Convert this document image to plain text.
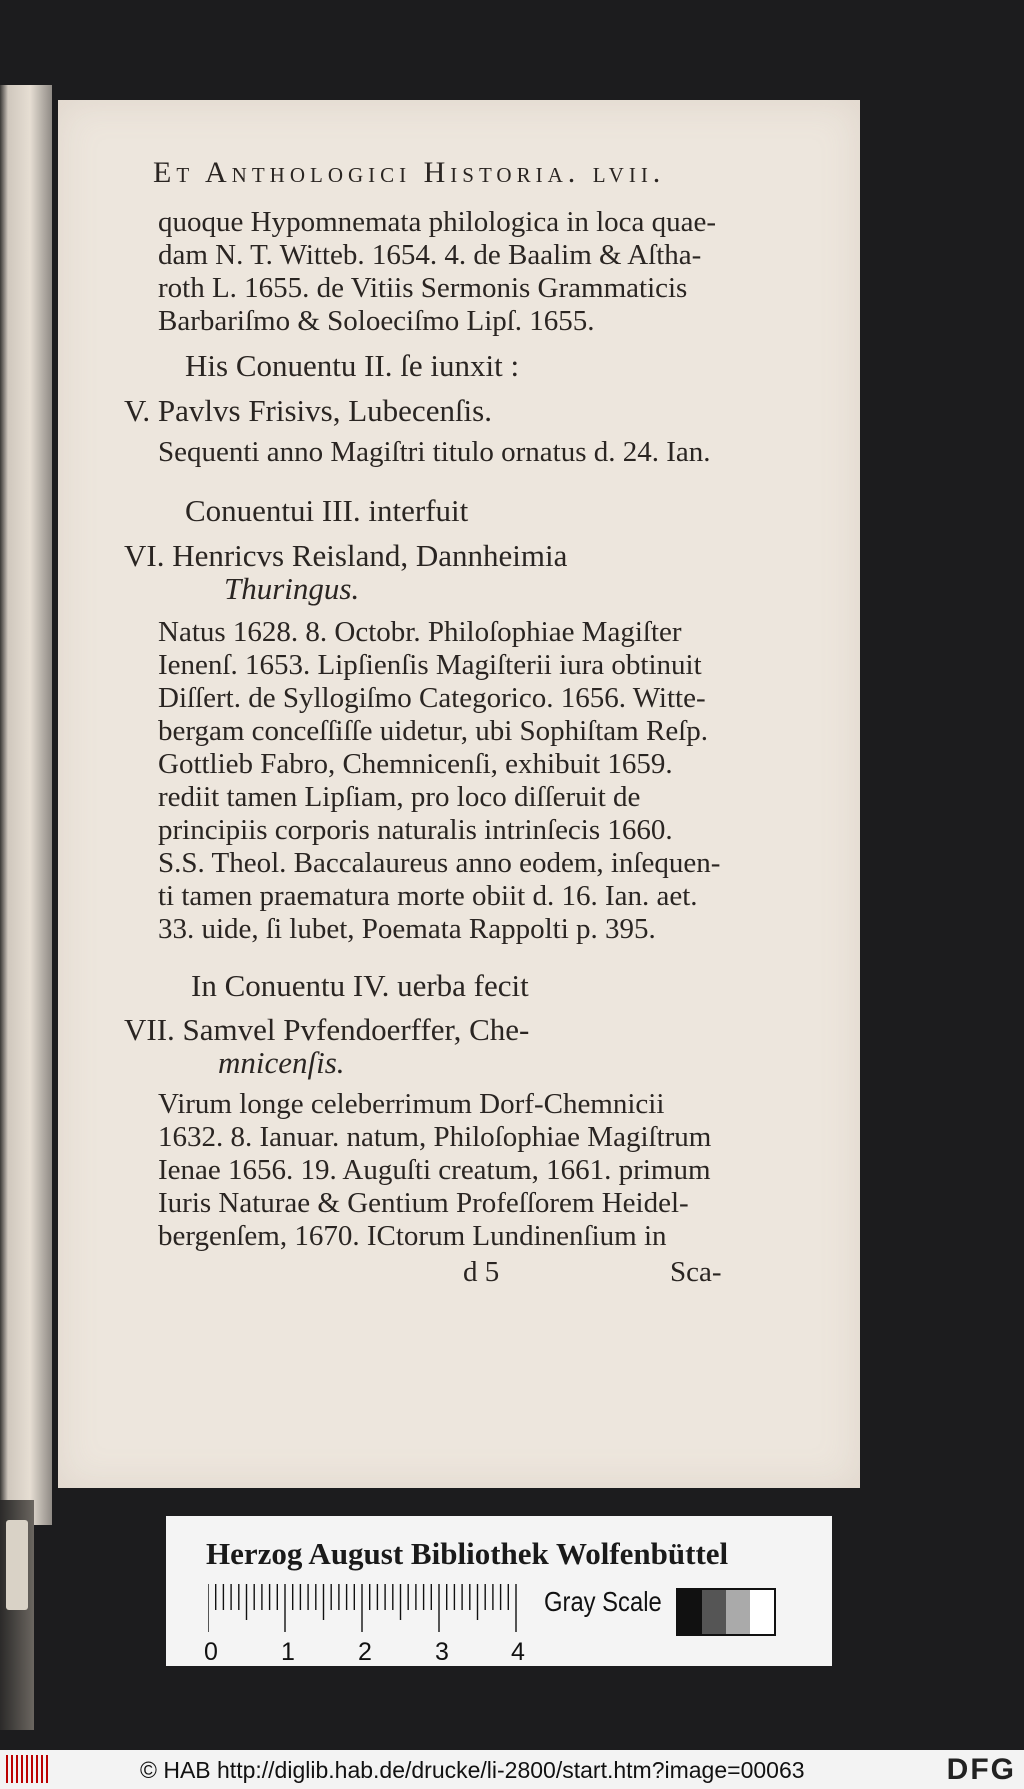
Et Anthologici Historia. lvii.
quoque Hypomnemata philologica in loca quae-
dam N. T. Witteb. 1654. 4. de Baalim & Aſtha-
roth L. 1655. de Vitiis Sermonis Grammaticis
Barbariſmo & Soloeciſmo Lipſ. 1655.
His Conuentu II. ſe iunxit :
V. Pavlvs Frisivs, Lubecenſis.
Sequenti anno Magiſtri titulo ornatus d. 24. Ian.
Conuentui III. interfuit
VI. Henricvs Reisland, Dannheimia
Thuringus.
Natus 1628. 8. Octobr. Philoſophiae Magiſter
Ienenſ. 1653. Lipſienſis Magiſterii iura obtinuit
Diſſert. de Syllogiſmo Categorico. 1656. Witte-
bergam conceſſiſſe uidetur, ubi Sophiſtam Reſp.
Gottlieb Fabro, Chemnicenſi, exhibuit 1659.
rediit tamen Lipſiam, pro loco diſſeruit de
principiis corporis naturalis intrinſecis 1660.
S.S. Theol. Baccalaureus anno eodem, inſequen-
ti tamen praematura morte obiit d. 16. Ian. aet.
33. uide, ſi lubet, Poemata Rappolti p. 395.
In Conuentu IV. uerba fecit
VII. Samvel Pvfendoerffer, Che-
mnicenſis.
Virum longe celeberrimum Dorf-Chemnicii
1632. 8. Ianuar. natum, Philoſophiae Magiſtrum
Ienae 1656. 19. Auguſti creatum, 1661. primum
Iuris Naturae & Gentium Profeſſorem Heidel-
bergenſem, 1670. ICtorum Lundinenſium in
d 5	Sca-
Herzog August Bibliothek Wolfenbüttel
0	1	2	3 4
Gray Scale
© HAB http://diglib.hab.de/drucke/li-2800/start.htm?image=00063	DFG
